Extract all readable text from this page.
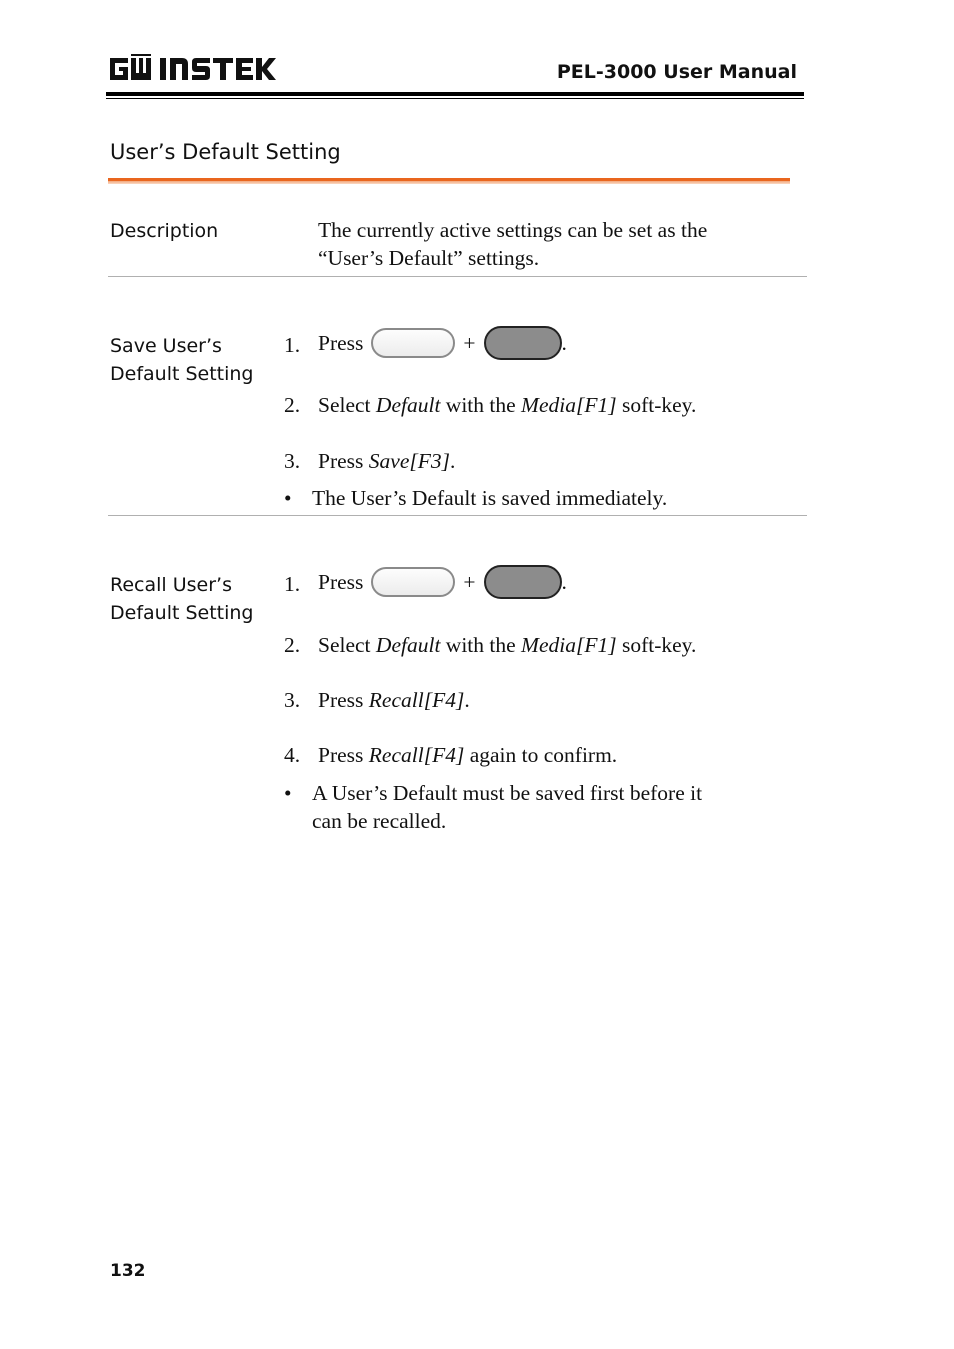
PEL-3000 User Manual
User’s Default Setting
Description	The currently active settings can be set as the
“User’s Default” settings.
Save User’s
Default Setting
1. Press	+	.
2. Select Default with the Media[F1] soft-key.
3. Press Save[F3].
• The User’s Default is saved immediately.
Recall User’s
Default Setting
1. Press	+	.
2. Select Default with the Media[F1] soft-key.
3. Press Recall[F4].
4. Press Recall[F4] again to confirm.
• A User’s Default must be saved first before it
can be recalled.
132
